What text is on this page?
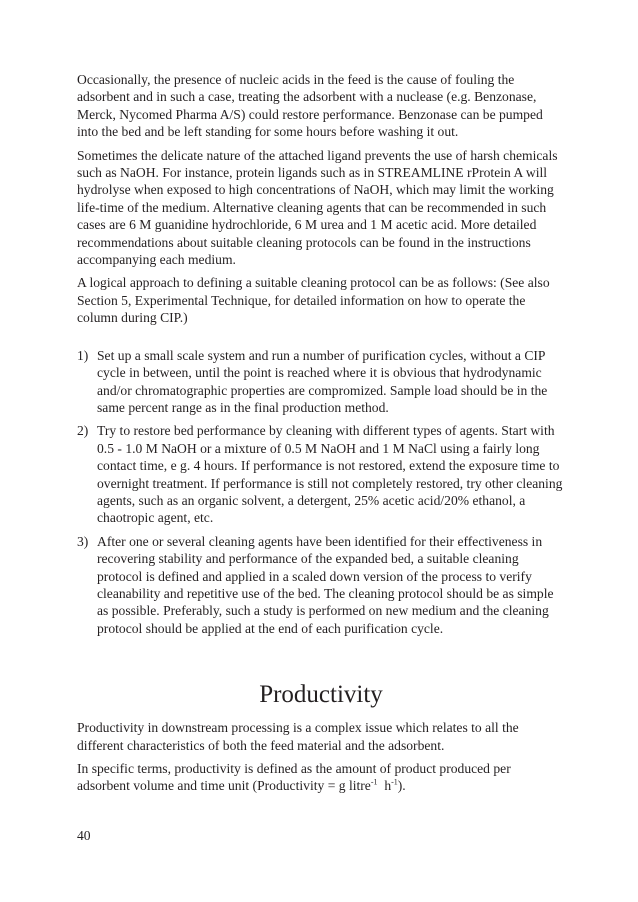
Occasionally, the presence of nucleic acids in the feed is the cause of fouling the adsorbent and in such a case, treating the adsorbent with a nuclease (e.g. Benzonase, Merck, Nycomed Pharma A/S) could restore performance. Benzonase can be pumped into the bed and be left standing for some hours before washing it out.

Sometimes the delicate nature of the attached ligand prevents the use of harsh chemicals such as NaOH. For instance, protein ligands such as in STREAMLINE rProtein A will hydrolyse when exposed to high concentrations of NaOH, which may limit the working life-time of the medium. Alternative cleaning agents that can be recommended in such cases are 6 M guanidine hydrochloride, 6 M urea and 1 M acetic acid. More detailed recommendations about suitable cleaning protocols can be found in the instructions accompanying each medium.

A logical approach to defining a suitable cleaning protocol can be as follows: (See also Section 5, Experimental Technique, for detailed information on how to operate the column during CIP.)

1) Set up a small scale system and run a number of purification cycles, without a CIP cycle in between, until the point is reached where it is obvious that hydrodynamic and/or chromatographic properties are compromized. Sample load should be in the same percent range as in the final production method.
2) Try to restore bed performance by cleaning with different types of agents. Start with 0.5 - 1.0 M NaOH or a mixture of 0.5 M NaOH and 1 M NaCl using a fairly long contact time, e g. 4 hours. If performance is not restored, extend the exposure time to overnight treatment. If performance is still not completely restored, try other cleaning agents, such as an organic solvent, a detergent, 25% acetic acid/20% ethanol, a chaotropic agent, etc.
3) After one or several cleaning agents have been identified for their effectiveness in recovering stability and performance of the expanded bed, a suitable cleaning protocol is defined and applied in a scaled down version of the process to verify cleanability and repetitive use of the bed. The cleaning protocol should be as simple as possible. Preferably, such a study is performed on new medium and the cleaning protocol should be applied at the end of each purification cycle.
Productivity

Productivity in downstream processing is a complex issue which relates to all the different characteristics of both the feed material and the adsorbent.

In specific terms, productivity is defined as the amount of product produced per adsorbent volume and time unit (Productivity = g litre$^{-1}$  $h^{-1}$).

40
